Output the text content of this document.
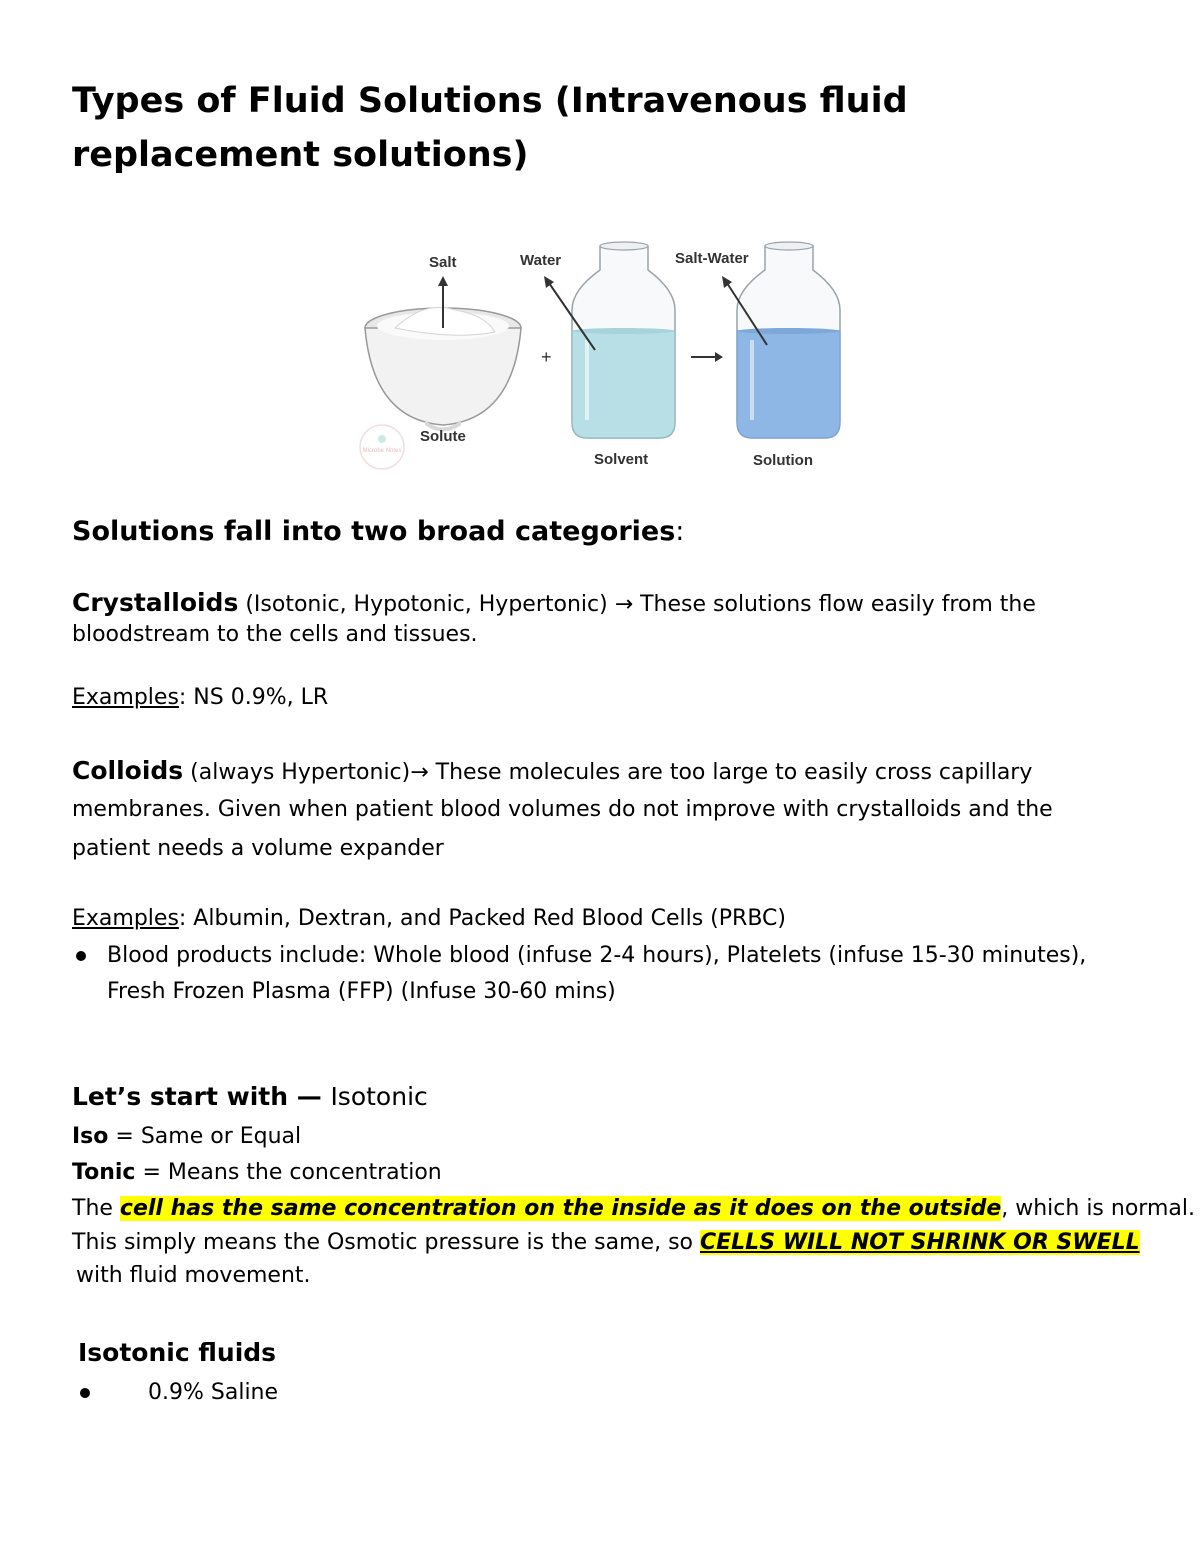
Types of Fluid Solutions (Intravenous fluid replacement solutions)
Salt
Microbe Notes
Solute
+
Water
Solvent
Salt-Water
Solution

Solutions fall into two broad categories:

Crystalloids (Isotonic, Hypotonic, Hypertonic) → These solutions flow easily from the

bloodstream to the cells and tissues.

Examples: NS 0.9%, LR

Colloids (always Hypertonic)→ These molecules are too large to easily cross capillary

membranes. Given when patient blood volumes do not improve with crystalloids and the

patient needs a volume expander

Examples: Albumin, Dextran, and Packed Red Blood Cells (PRBC)

Blood products include: Whole blood (infuse 2-4 hours), Platelets (infuse 15-30 minutes),

Fresh Frozen Plasma (FFP) (Infuse 30-60 mins)

Let’s start with — Isotonic

Iso = Same or Equal

Tonic = Means the concentration

The cell has the same concentration on the inside as it does on the outside, which is normal.

This simply means the Osmotic pressure is the same, so CELLS WILL NOT SHRINK OR SWELL

with fluid movement.

Isotonic fluids

0.9% Saline
